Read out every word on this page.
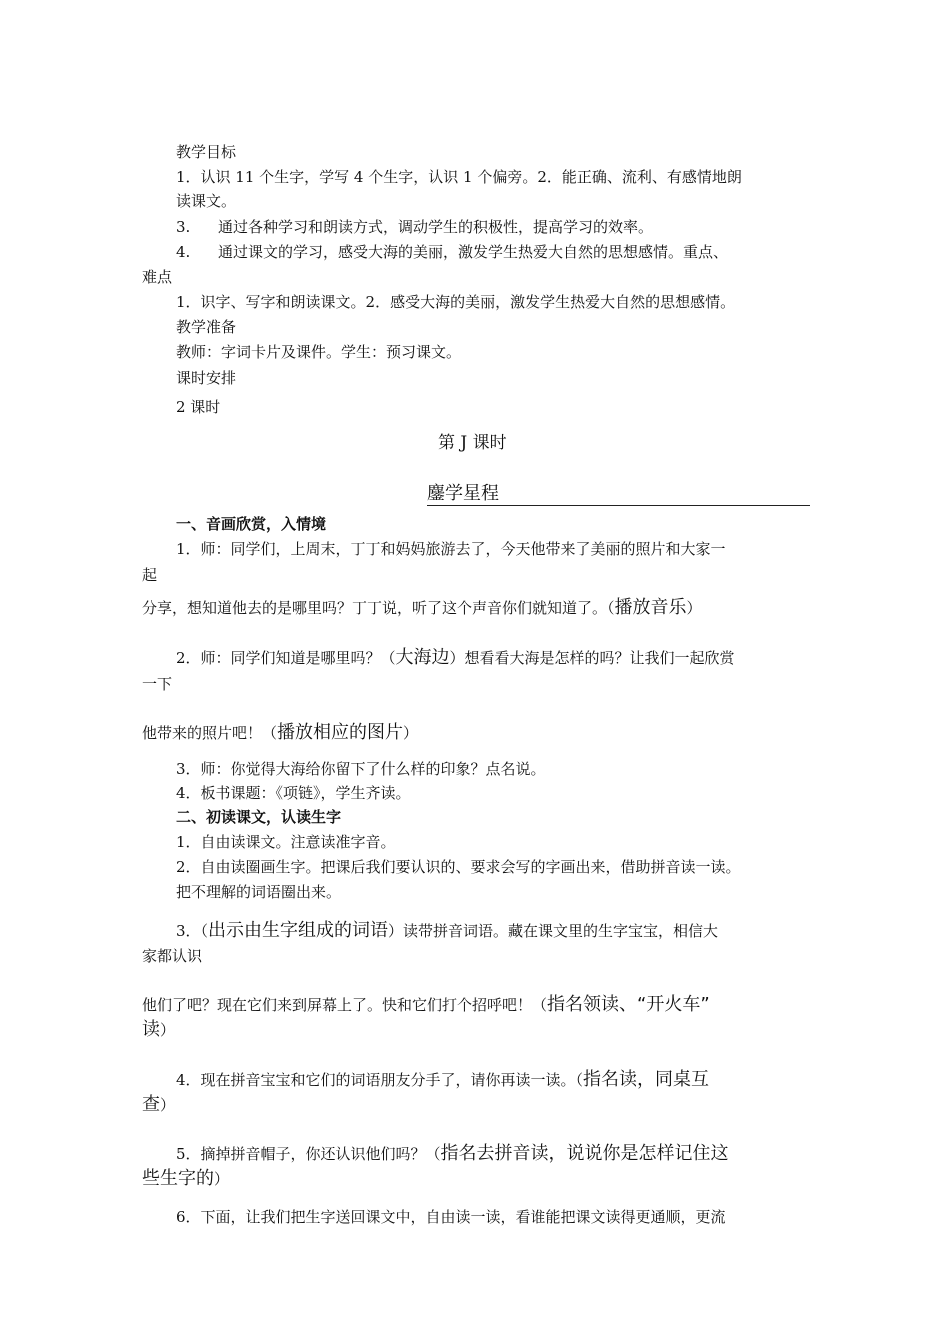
教学目标
1．认识 11 个生字，学写 4 个生字，认识 1 个偏旁。2．能正确、流利、有感情地朗
读课文。
3. 通过各种学习和朗读方式，调动学生的积极性，提高学习的效率。
4. 通过课文的学习，感受大海的美丽，激发学生热爱大自然的思想感情。重点、
难点
1．识字、写字和朗读课文。2．感受大海的美丽，激发学生热爱大自然的思想感情。
教学准备
教师：字词卡片及课件。学生：预习课文。
课时安排
2 课时
第 J 课时
鏖学星程
一、音画欣赏，入情境
1．师：同学们，上周末，丁丁和妈妈旅游去了，今天他带来了美丽的照片和大家一
起
分享，想知道他去的是哪里吗？丁丁说，听了这个声音你们就知道了。（播放音乐）
2．师：同学们知道是哪里吗？（大海边）想看看大海是怎样的吗？让我们一起欣赏
一下
他带来的照片吧！（播放相应的图片）
3．师：你觉得大海给你留下了什么样的印象？点名说。
4．板书课题：《项链》，学生齐读。
二、初读课文，认读生字
1．自由读课文。注意读准字音。
2．自由读圈画生字。把课后我们要认识的、要求会写的字画出来，借助拼音读一读。
把不理解的词语圈出来。
3．（出示由生字组成的词语）读带拼音词语。藏在课文里的生字宝宝，相信大
家都认识
他们了吧？现在它们来到屏幕上了。快和它们打个招呼吧！（指名领读、“开火车”
读）
4．现在拼音宝宝和它们的词语朋友分手了，请你再读一读。（指名读，同桌互
查）
5．摘掉拼音帽子，你还认识他们吗？（指名去拼音读，说说你是怎样记住这
些生字的）
6．下面，让我们把生字送回课文中，自由读一读，看谁能把课文读得更通顺，更流
